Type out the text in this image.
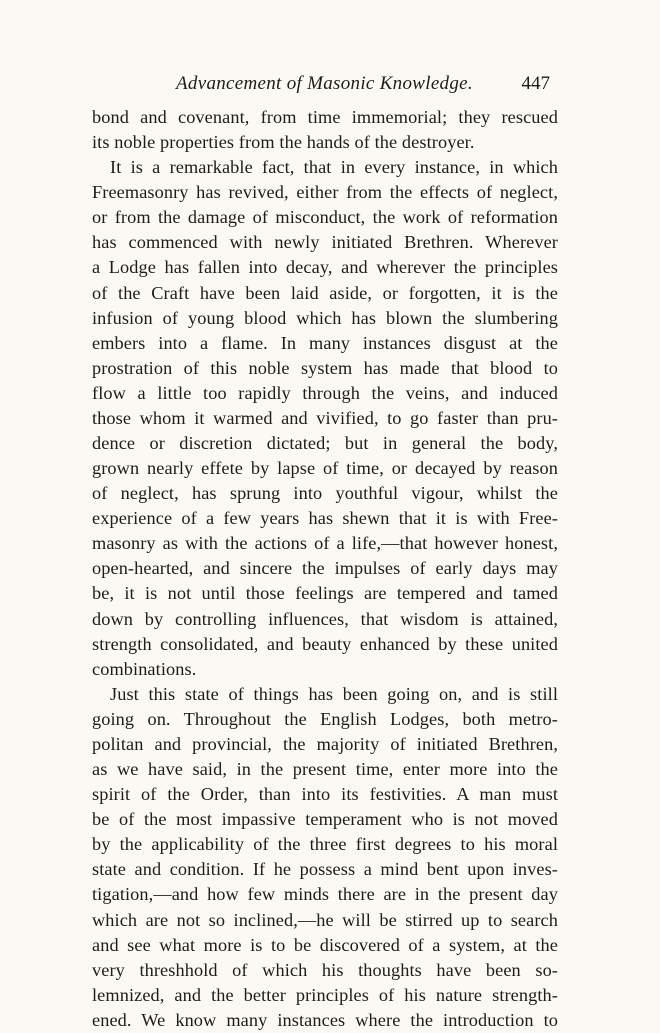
Advancement of Masonic Knowledge.	447
bond and covenant, from time immemorial; they rescued
its noble properties from the hands of the destroyer.
It is a remarkable fact, that in every instance, in which
Freemasonry has revived, either from the effects of neglect,
or from the damage of misconduct, the work of reformation
has commenced with newly initiated Brethren. Wherever
a Lodge has fallen into decay, and wherever the principles
of the Craft have been laid aside, or forgotten, it is the
infusion of young blood which has blown the slumbering
embers into a flame. In many instances disgust at the
prostration of this noble system has made that blood to
flow a little too rapidly through the veins, and induced
those whom it warmed and vivified, to go faster than pru-
dence or discretion dictated; but in general the body,
grown nearly effete by lapse of time, or decayed by reason
of neglect, has sprung into youthful vigour, whilst the
experience of a few years has shewn that it is with Free-
masonry as with the actions of a life,—that however honest,
open-hearted, and sincere the impulses of early days may
be, it is not until those feelings are tempered and tamed
down by controlling influences, that wisdom is attained,
strength consolidated, and beauty enhanced by these united
combinations.
Just this state of things has been going on, and is still
going on. Throughout the English Lodges, both metro-
politan and provincial, the majority of initiated Brethren,
as we have said, in the present time, enter more into the
spirit of the Order, than into its festivities. A man must
be of the most impassive temperament who is not moved
by the applicability of the three first degrees to his moral
state and condition. If he possess a mind bent upon inves-
tigation,—and how few minds there are in the present day
which are not so inclined,—he will be stirred up to search
and see what more is to be discovered of a system, at the
very threshhold of which his thoughts have been so-
lemnized, and the better principles of his nature strength-
ened. We know many instances where the introduction to
